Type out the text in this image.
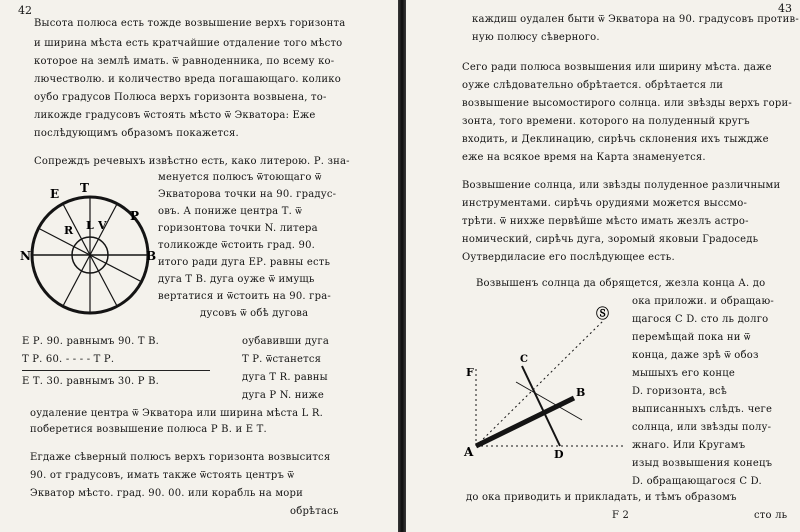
42
Высота полюса есть тожде возвышение верхъ горизонта
и ширина мѣста есть кратчайшие отдаление того мѣсто
которое на землѣ имать. ѿ равноденника, по всему ко-
лючестволю. и количество вреда погашающаго. колико
оубо градусов Полюса верхъ горизонта возвыена, то-
ликожде градусовъ ѿстоять мѣсто ѿ Экватора: Еже
послѣдующимъ образомъ покажется.
Сопреждъ речевыхъ извѣстно есть, како литерою. Р. зна-
менуется полюсъ ѿтоющаго ѿ
Экваторова точки на 90. градус-
овъ. А пониже центра Т. ѿ
горизонтова точки N. литера
толикожде ѿстоить град. 90.
итого ради дуга ЕР. равны есть
дуга Т В. дуга оуже ѿ имущь
вертатися и ѿстоить на 90. гра-
дусовъ ѿ обѣ дугова
E T
P
R L V
N	B
Е Р. 90. равнымъ 90. Т В.	оубавивши дуга
Т Р. 60. - - - - Т Р.	Т Р. ѿстанется
Е Т. 30. равнымъ 30. Р В.	дуга Т R. равны
дуга Р N. ниже
оудаление центра ѿ Экватора или ширина мѣста L R.
поберетися возвышение полюса Р В. и Е Т.
Егдаже сѣверный полюсъ верхъ горизонта возвысится
90. от градусовъ, имать также ѿстоять центръ ѿ
Экватор мѣсто. град. 90. 00. или корабль на мори
обрѣтась
43
каждиш оудален быти ѿ Экватора на 90. градусовъ против-
ную полюсу сѣверного.
Сего ради полюса возвышения или ширину мѣста. даже
оуже слѣдовательно обрѣтается. обрѣтается ли
возвышение высомостирого солнца. или звѣзды верхъ гори-
зонта, того времени. которого на полуденный кругъ
входить, и Деклинацию, сирѣчь склонения ихъ тыждже
еже на всякое время на Карта знаменуется.
Возвышение солнца, или звѣзды полуденное различными
инструментами. сирѣчь орудиями можется выссмо-
трѣти. ѿ нихже первѣйше мѣсто имать жезлъ астро-
номический, сирѣчь дуга, зоромый яковыи Градоседь
Оутвердиласие его послѣдующее есть.
Возвышенъ солнца да обрящется, жезла конца А. до
ока приложи. и обращаю-
щагося С D. сто ль долго
перемѣщай пока ни ѿ
конца, даже зрѣ ѿ обоз
мышыхъ его конце
D. горизонта, всѣ
выписанныхъ слѣдъ. чеге
солнца, или звѣзды полу-
жнаго. Или Кругамъ
изыд возвышения конецъ
D. обращающагося С D.
до ока приводить и прикладать, и тѣмъ образомъ
F
C
B
A	D
Ⓢ
F 2	сто ль
